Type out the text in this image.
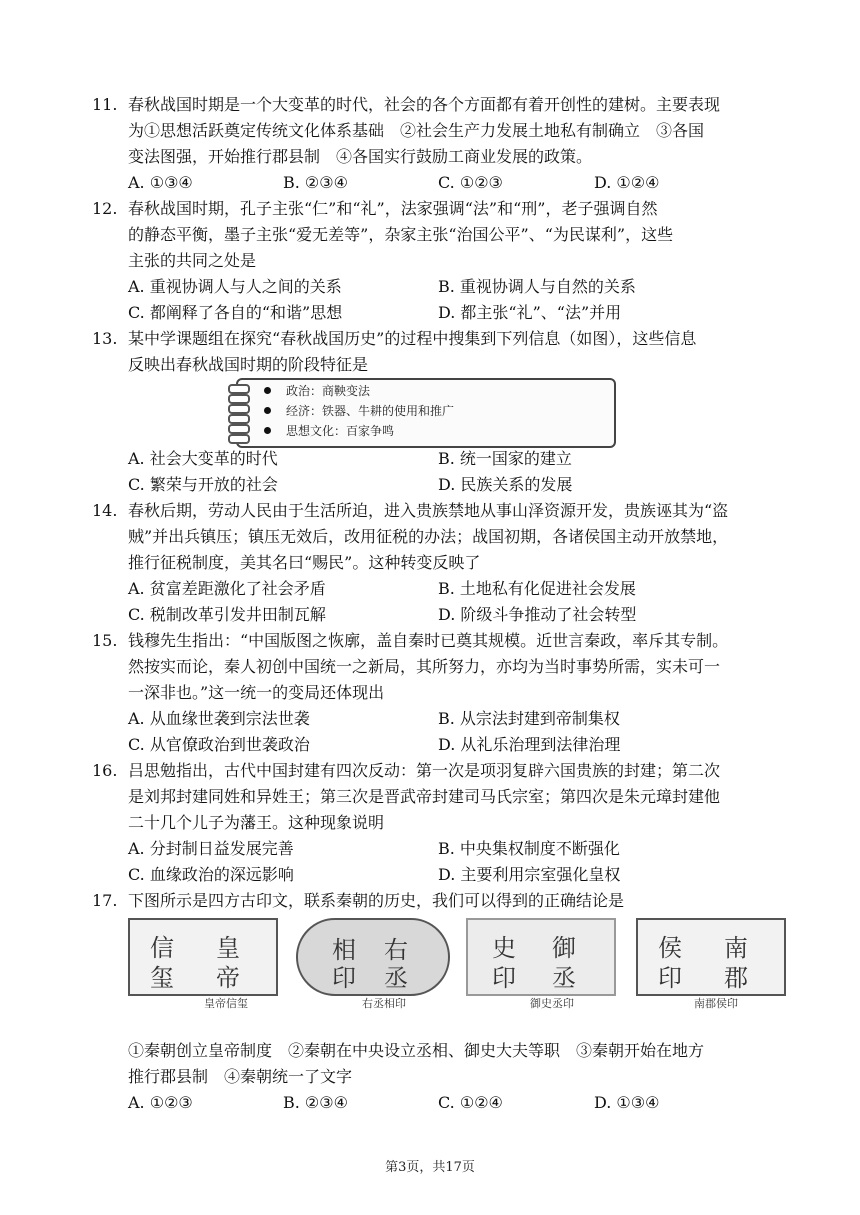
11. 春秋战国时期是一个大变革的时代，社会的各个方面都有着开创性的建树。主要表现
为①思想活跃奠定传统文化体系基础　②社会生产力发展土地私有制确立　③各国
变法图强，开始推行郡县制　④各国实行鼓励工商业发展的政策。
A. ①③④	B. ②③④	C. ①②③	D. ①②④
12. 春秋战国时期，孔子主张“仁”和“礼”，法家强调“法”和“刑”，老子强调自然
的静态平衡，墨子主张“爱无差等”，杂家主张“治国公平”、“为民谋利”，这些
主张的共同之处是
A. 重视协调人与人之间的关系	B. 重视协调人与自然的关系
C. 都阐释了各自的“和谐”思想	D. 都主张“礼”、“法”并用
13. 某中学课题组在探究“春秋战国历史”的过程中搜集到下列信息（如图），这些信息
反映出春秋战国时期的阶段特征是
政治：商鞅变法
经济：铁器、牛耕的使用和推广
思想文化：百家争鸣
A. 社会大变革的时代	B. 统一国家的建立
C. 繁荣与开放的社会	D. 民族关系的发展
14. 春秋后期，劳动人民由于生活所迫，进入贵族禁地从事山泽资源开发，贵族诬其为“盗
贼”并出兵镇压；镇压无效后，改用征税的办法；战国初期，各诸侯国主动开放禁地，
推行征税制度，美其名曰“赐民”。这种转变反映了
A. 贫富差距激化了社会矛盾	B. 土地私有化促进社会发展
C. 税制改革引发井田制瓦解	D. 阶级斗争推动了社会转型
15. 钱穆先生指出：“中国版图之恢廓，盖自秦时已奠其规模。近世言秦政，率斥其专制。
然按实而论，秦人初创中国统一之新局，其所努力，亦均为当时事势所需，实未可一
一深非也。”这一统一的变局还体现出
A. 从血缘世袭到宗法世袭	B. 从宗法封建到帝制集权
C. 从官僚政治到世袭政治	D. 从礼乐治理到法律治理
16. 吕思勉指出，古代中国封建有四次反动：第一次是项羽复辟六国贵族的封建；第二次
是刘邦封建同姓和异姓王；第三次是晋武帝封建司马氏宗室；第四次是朱元璋封建他
二十几个儿子为藩王。这种现象说明
A. 分封制日益发展完善	B. 中央集权制度不断强化
C. 血缘政治的深远影响	D. 主要利用宗室强化皇权
17. 下图所示是四方古印文，联系秦朝的历史，我们可以得到的正确结论是
信 皇
玺 帝
相 右
印 丞
史 御
印 丞
侯 南
印 郡
皇帝信玺	右丞相印	御史丞印	南郡侯印
①秦朝创立皇帝制度　②秦朝在中央设立丞相、御史大夫等职　③秦朝开始在地方
推行郡县制　④秦朝统一了文字
A. ①②③	B. ②③④	C. ①②④	D. ①③④
第3页，共17页
